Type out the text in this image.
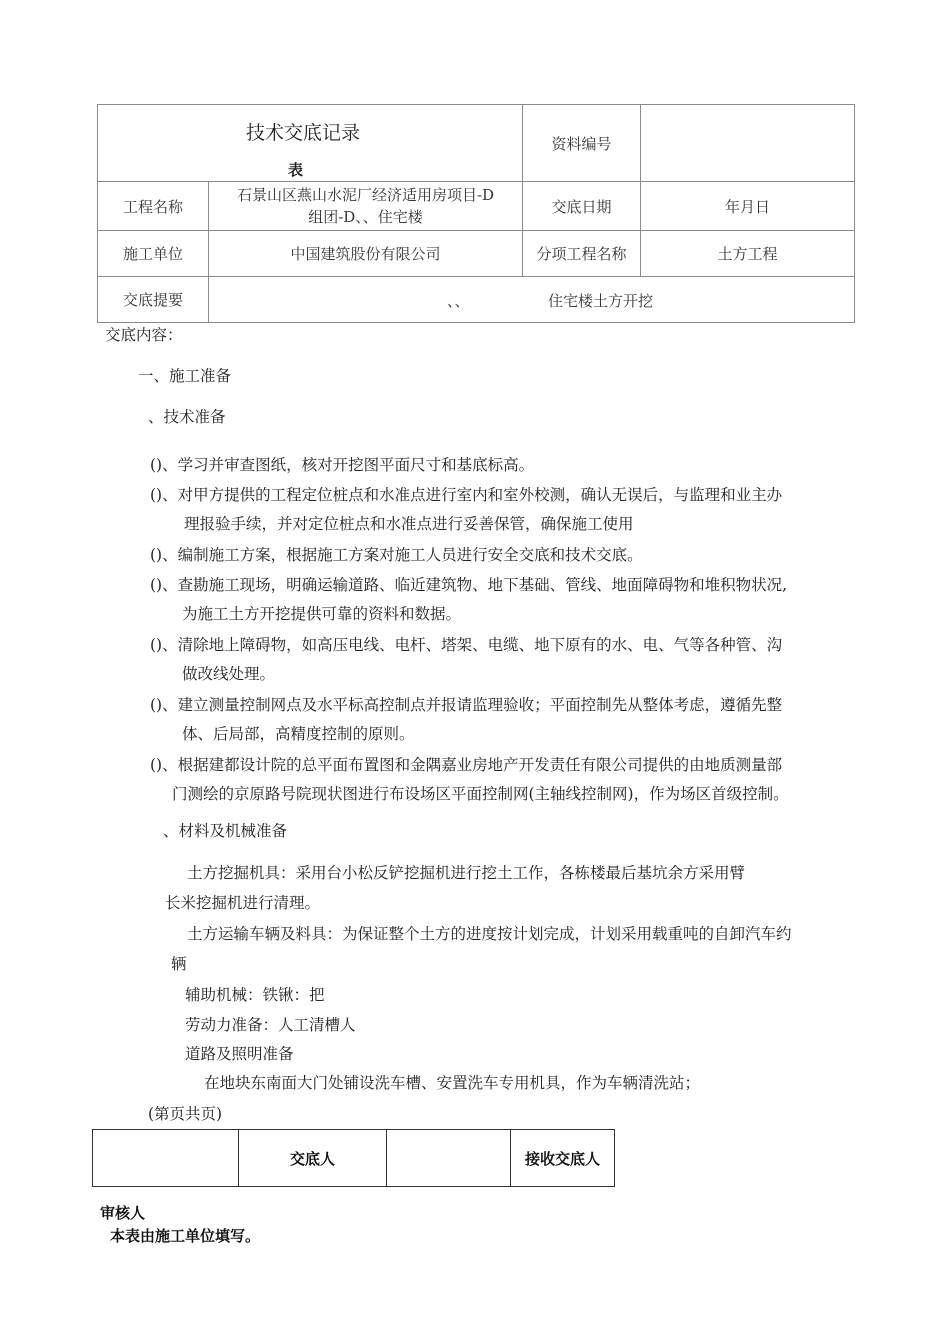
技术交底记录
表		资料编号	
工程名称	石景山区燕山水泥厂经济适用房项目-D
组团-D、、住宅楼	交底日期	年月日
施工单位	中国建筑股份有限公司	分项工程名称	土方工程
交底提要	、、 住宅楼土方开挖		
交底内容：
一、施工准备
、技术准备
()、学习并审查图纸，核对开挖图平面尺寸和基底标高。
()、对甲方提供的工程定位桩点和水准点进行室内和室外校测，确认无误后，与监理和业主办
理报验手续，并对定位桩点和水准点进行妥善保管，确保施工使用
()、编制施工方案，根据施工方案对施工人员进行安全交底和技术交底。
()、查勘施工现场，明确运输道路、临近建筑物、地下基础、管线、地面障碍物和堆积物状况,
为施工土方开挖提供可靠的资料和数据。
()、清除地上障碍物，如高压电线、电杆、塔架、电缆、地下原有的水、电、气等各种管、沟
做改线处理。
()、建立测量控制网点及水平标高控制点并报请监理验收；平面控制先从整体考虑，遵循先整
体、后局部，高精度控制的原则。
()、根据建都设计院的总平面布置图和金隅嘉业房地产开发责任有限公司提供的由地质测量部
门测绘的京原路号院现状图进行布设场区平面控制网(主轴线控制网)，作为场区首级控制。
、材料及机械准备
土方挖掘机具：采用台小松反铲挖掘机进行挖土工作，各栋楼最后基坑余方采用臂
长米挖掘机进行清理。
土方运输车辆及料具：为保证整个土方的进度按计划完成，计划采用载重吨的自卸汽车约
辆
辅助机械：铁锹：把
劳动力准备：人工清槽人
道路及照明准备
在地块东南面大门处铺设洗车槽、安置洗车专用机具，作为车辆清洗站；
(第页共页)
	交底人		接收交底人
审核人
本表由施工单位填写。
